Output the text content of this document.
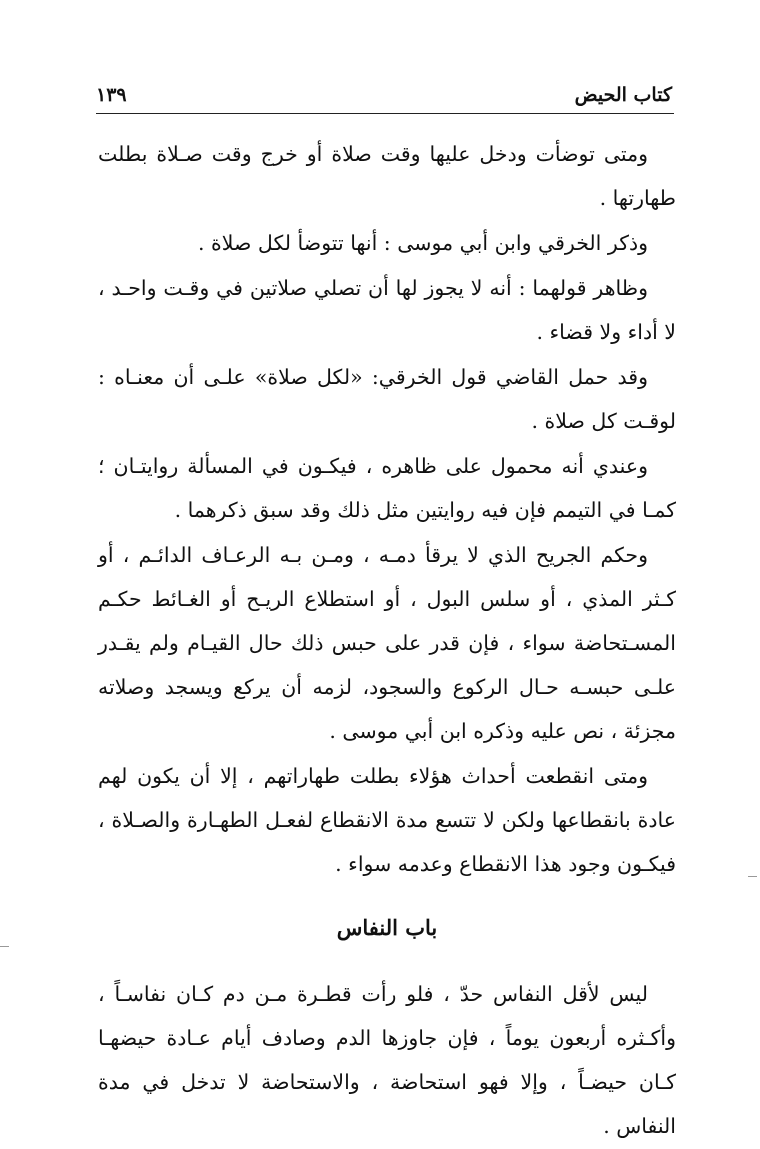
كتاب الحيض
١٣٩

ومتى توضأت ودخل عليها وقت صلاة أو خرج وقت صـلاة بطلت طهارتها .

وذكر الخرقي وابن أبي موسى : أنها تتوضأ لكل صلاة .

وظاهر قولهما : أنه لا يجوز لها أن تصلي صلاتين في وقـت واحـد ، لا أداء ولا قضاء .

وقد حمل القاضي قول الخرقي: «لكل صلاة» علـى أن معنـاه : لوقـت كل صلاة .

وعندي أنه محمول على ظاهره ، فيكـون في المسألة روايتـان ؛ كمـا في التيمم فإن فيه روايتين مثل ذلك وقد سبق ذكرهما .

وحكم الجريح الذي لا يرقأ دمـه ، ومـن بـه الرعـاف الدائـم ، أو كـثر المذي ، أو سلس البول ، أو استطلاع الريـح أو الغـائط حكـم المسـتحاضة سواء ، فإن قدر على حبس ذلك حال القيـام ولم يقـدر علـى حبسـه حـال الركوع والسجود، لزمه أن يركع ويسجد وصلاته مجزئة ، نص عليه وذكره ابن أبي موسى .

ومتى انقطعت أحداث هؤلاء بطلت طهاراتهم ، إلا أن يكون لهم عادة بانقطاعها ولكن لا تتسع مدة الانقطاع لفعـل الطهـارة والصـلاة ، فيكـون وجود هذا الانقطاع وعدمه سواء .

باب النفاس

ليس لأقل النفاس حدّ ، فلو رأت قطـرة مـن دم كـان نفاسـاً ، وأكـثره أربعون يوماً ، فإن جاوزها الدم وصادف أيام عـادة حيضهـا كـان حيضـاً ، وإلا فهو استحاضة ، والاستحاضة لا تدخل في مدة النفاس .
